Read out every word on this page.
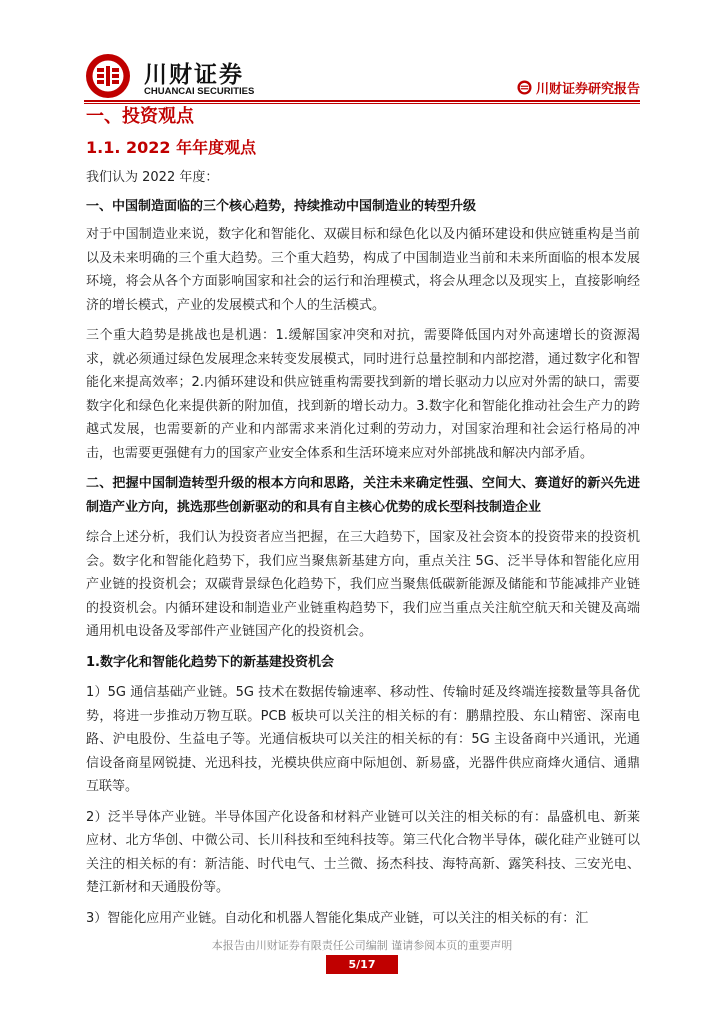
川财证券
CHUANCAI SECURITIES	川财证券研究报告
一、投资观点
1.1. 2022 年年度观点

我们认为 2022 年度：

一、中国制造面临的三个核心趋势，持续推动中国制造业的转型升级

对于中国制造业来说，数字化和智能化、双碳目标和绿色化以及内循环建设和供应链重构是当前以及未来明确的三个重大趋势。三个重大趋势，构成了中国制造业当前和未来所面临的根本发展环境，将会从各个方面影响国家和社会的运行和治理模式，将会从理念以及现实上，直接影响经济的增长模式，产业的发展模式和个人的生活模式。

三个重大趋势是挑战也是机遇：1.缓解国家冲突和对抗，需要降低国内对外高速增长的资源渴求，就必须通过绿色发展理念来转变发展模式，同时进行总量控制和内部挖潜，通过数字化和智能化来提高效率；2.内循环建设和供应链重构需要找到新的增长驱动力以应对外需的缺口，需要数字化和绿色化来提供新的附加值，找到新的增长动力。3.数字化和智能化推动社会生产力的跨越式发展，也需要新的产业和内部需求来消化过剩的劳动力，对国家治理和社会运行格局的冲击，也需要更强健有力的国家产业安全体系和生活环境来应对外部挑战和解决内部矛盾。

二、把握中国制造转型升级的根本方向和思路，关注未来确定性强、空间大、赛道好的新兴先进制造产业方向，挑选那些创新驱动的和具有自主核心优势的成长型科技制造企业

综合上述分析，我们认为投资者应当把握，在三大趋势下，国家及社会资本的投资带来的投资机会。数字化和智能化趋势下，我们应当聚焦新基建方向，重点关注 5G、泛半导体和智能化应用产业链的投资机会；双碳背景绿色化趋势下，我们应当聚焦低碳新能源及储能和节能减排产业链的投资机会。内循环建设和制造业产业链重构趋势下，我们应当重点关注航空航天和关键及高端通用机电设备及零部件产业链国产化的投资机会。

1.数字化和智能化趋势下的新基建投资机会

1）5G 通信基础产业链。5G 技术在数据传输速率、移动性、传输时延及终端连接数量等具备优势，将进一步推动万物互联。PCB 板块可以关注的相关标的有：鹏鼎控股、东山精密、深南电路、沪电股份、生益电子等。光通信板块可以关注的相关标的有：5G 主设备商中兴通讯，光通信设备商星网锐捷、光迅科技，光模块供应商中际旭创、新易盛，光器件供应商烽火通信、通鼎互联等。

2）泛半导体产业链。半导体国产化设备和材料产业链可以关注的相关标的有：晶盛机电、新莱应材、北方华创、中微公司、长川科技和至纯科技等。第三代化合物半导体，碳化硅产业链可以关注的相关标的有：新洁能、时代电气、士兰微、扬杰科技、海特高新、露笑科技、三安光电、楚江新材和天通股份等。

3）智能化应用产业链。自动化和机器人智能化集成产业链，可以关注的相关标的有：汇

本报告由川财证券有限责任公司编制 谨请参阅本页的重要声明
5/17
